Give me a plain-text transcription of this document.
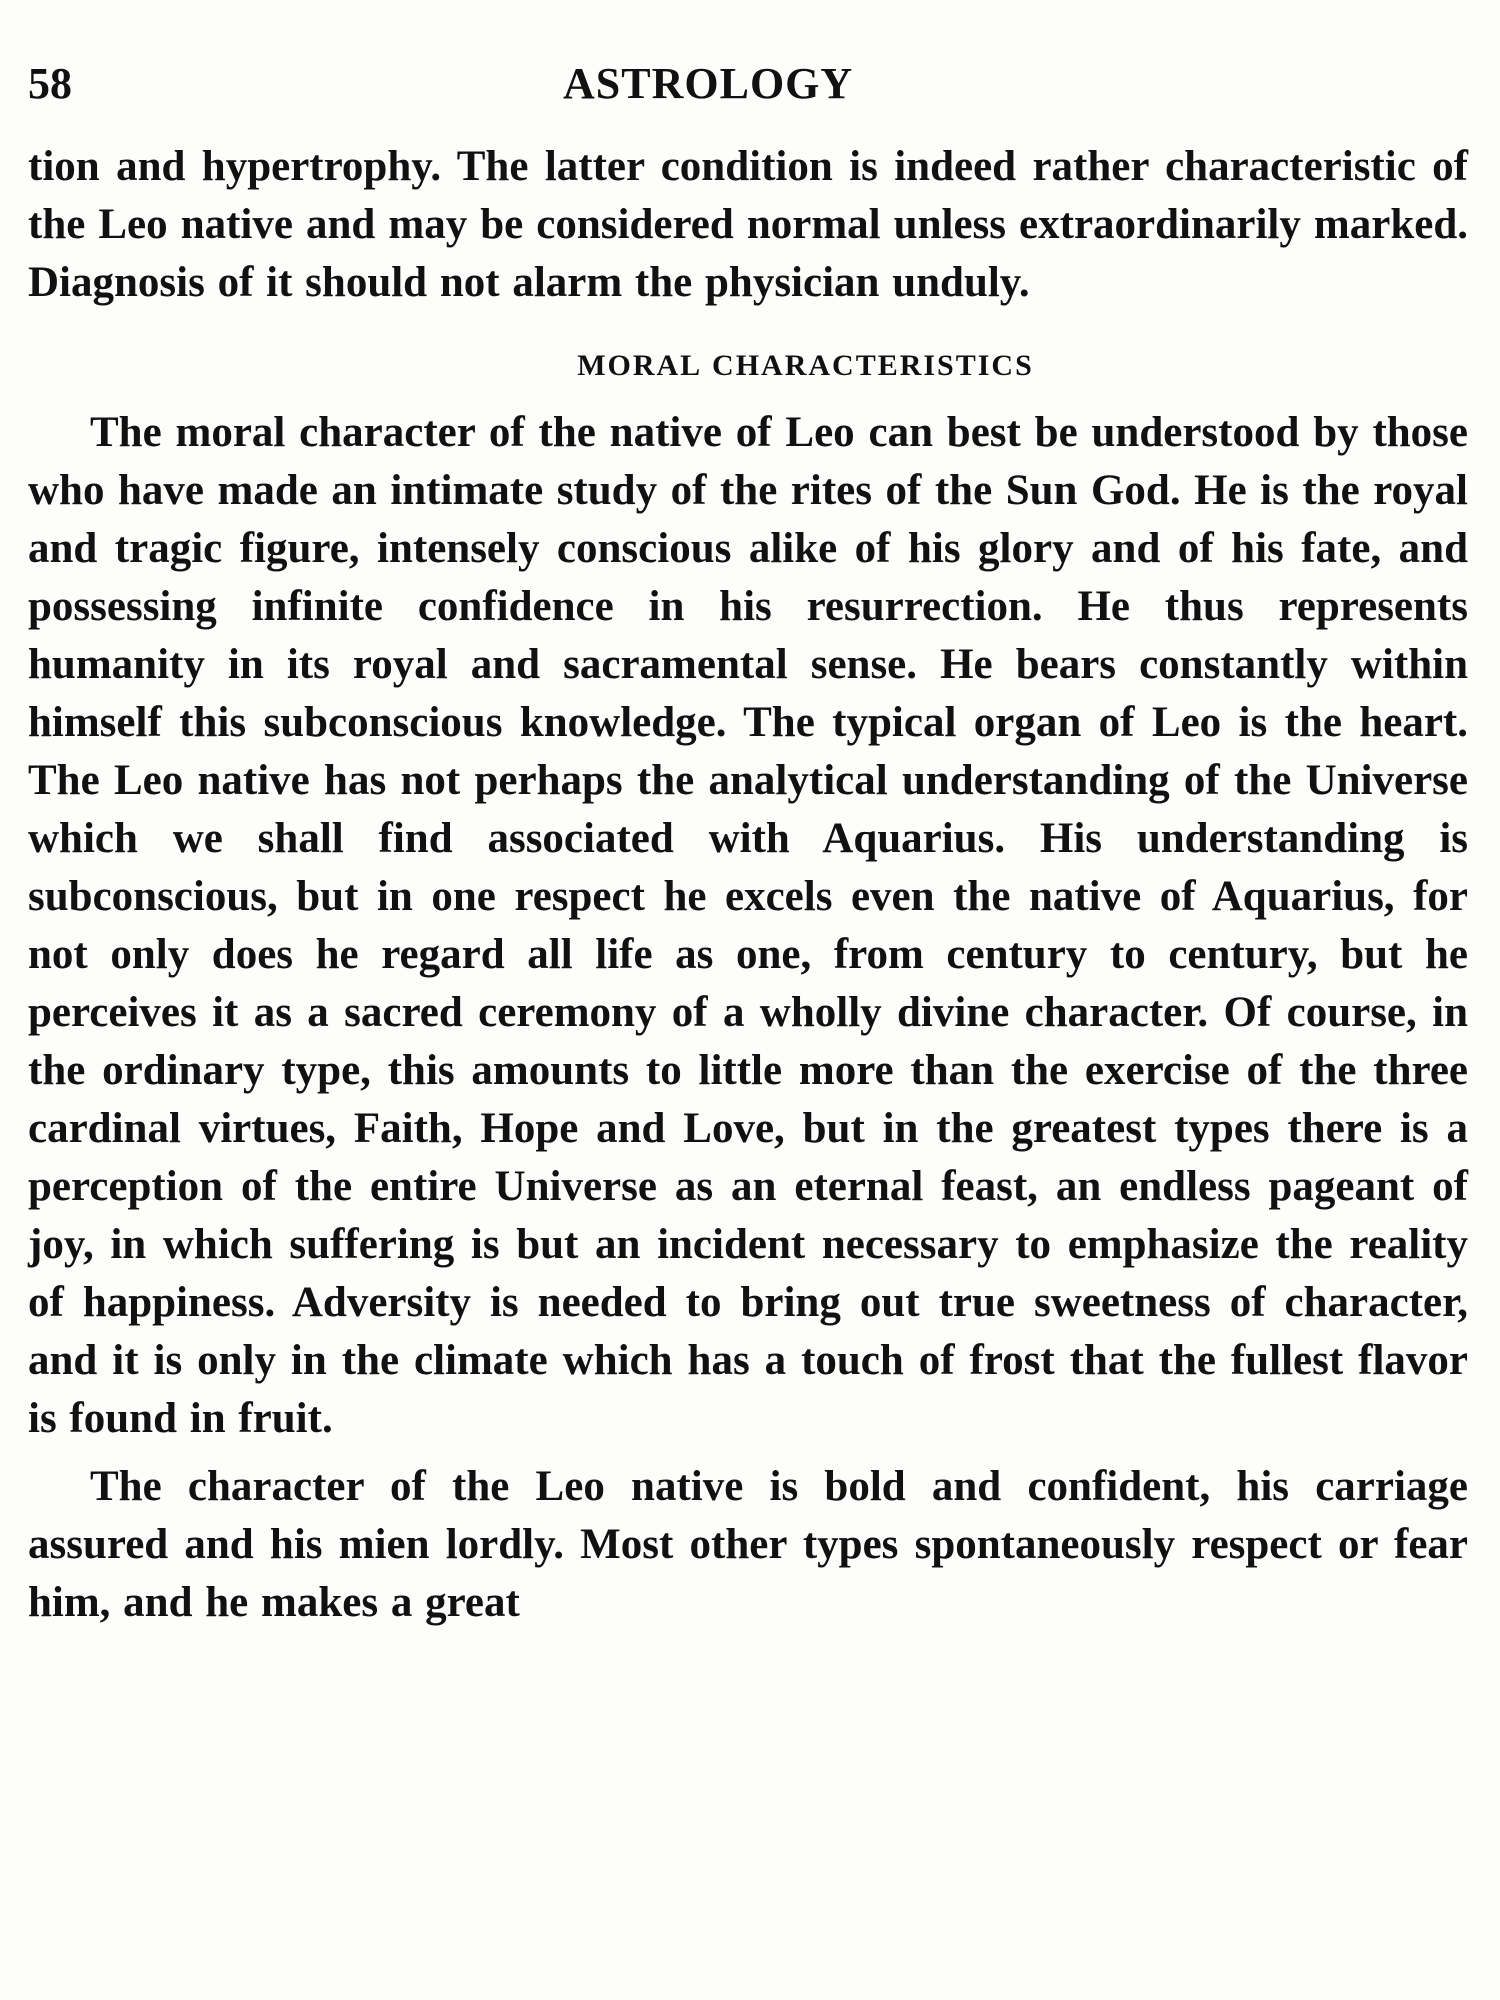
58	ASTROLOGY

tion and hypertrophy. The latter condition is indeed rather characteristic of the Leo native and may be considered normal unless extraordinarily marked. Diagnosis of it should not alarm the physician unduly.

MORAL CHARACTERISTICS

The moral character of the native of Leo can best be understood by those who have made an intimate study of the rites of the Sun God. He is the royal and tragic figure, intensely conscious alike of his glory and of his fate, and possessing infinite confidence in his resurrection. He thus represents humanity in its royal and sacramental sense. He bears constantly within himself this subconscious knowledge. The typical organ of Leo is the heart. The Leo native has not perhaps the analytical understanding of the Universe which we shall find associated with Aquarius. His understanding is subconscious, but in one respect he excels even the native of Aquarius, for not only does he regard all life as one, from century to century, but he perceives it as a sacred ceremony of a wholly divine character. Of course, in the ordinary type, this amounts to little more than the exercise of the three cardinal virtues, Faith, Hope and Love, but in the greatest types there is a perception of the entire Universe as an eternal feast, an endless pageant of joy, in which suffering is but an incident necessary to emphasize the reality of happiness. Adversity is needed to bring out true sweetness of character, and it is only in the climate which has a touch of frost that the fullest flavor is found in fruit.

The character of the Leo native is bold and confident, his carriage assured and his mien lordly. Most other types spontaneously respect or fear him, and he makes a great
